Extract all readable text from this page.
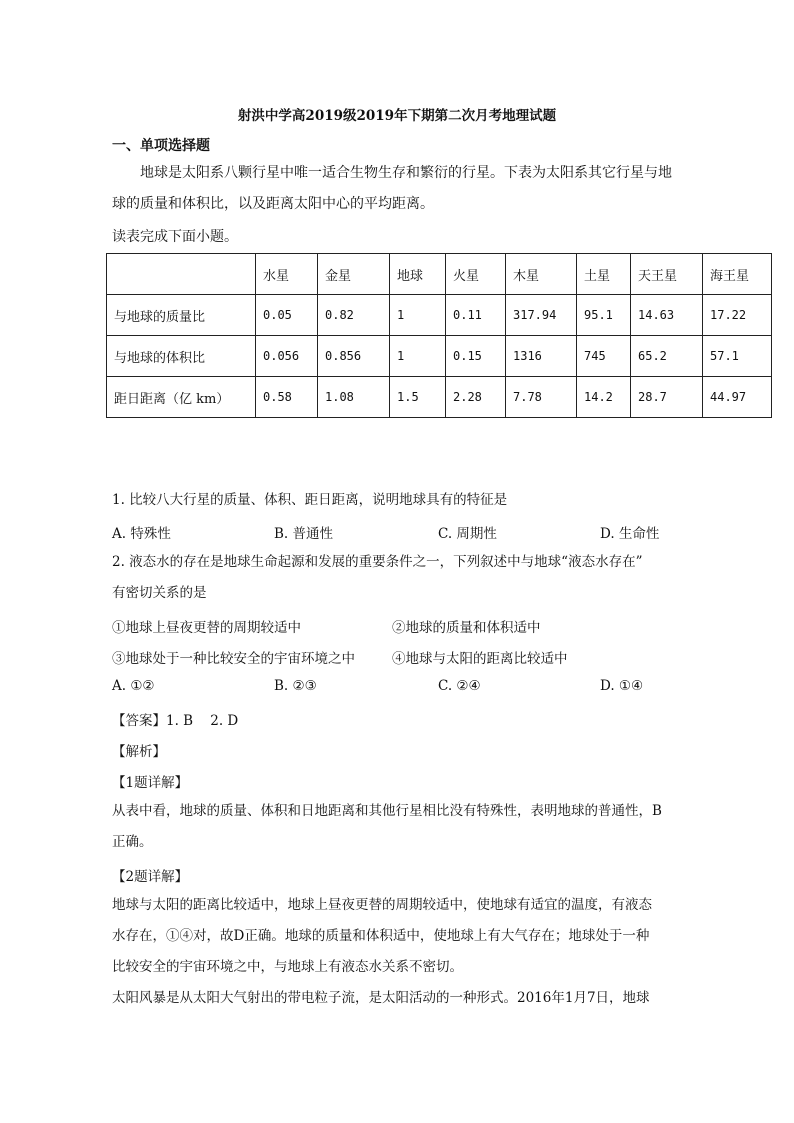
射洪中学高2019级2019年下期第二次月考地理试题
一、单项选择题
地球是太阳系八颗行星中唯一适合生物生存和繁衍的行星。下表为太阳系其它行星与地
球的质量和体积比，以及距离太阳中心的平均距离。
读表完成下面小题。
	水星	金星	地球	火星	木星	土星	天王星	海王星
与地球的质量比	0.05	0.82	1	0.11	317.94	95.1	14.63	17.22
与地球的体积比	0.056	0.856	1	0.15	1316	745	65.2	57.1
距日距离（亿 km）	0.58	1.08	1.5	2.28	7.78	14.2	28.7	44.97
1. 比较八大行星的质量、体积、距日距离，说明地球具有的特征是
A. 特殊性	B. 普通性	C. 周期性	D. 生命性
2. 液态水的存在是地球生命起源和发展的重要条件之一，下列叙述中与地球“液态水存在”
有密切关系的是
①地球上昼夜更替的周期较适中	②地球的质量和体积适中
③地球处于一种比较安全的宇宙环境之中	④地球与太阳的距离比较适中
A. ①②	B. ②③	C. ②④	D. ①④
【答案】1. B    2. D
【解析】
【1题详解】
从表中看，地球的质量、体积和日地距离和其他行星相比没有特殊性，表明地球的普通性，B
正确。
【2题详解】
地球与太阳的距离比较适中，地球上昼夜更替的周期较适中，使地球有适宜的温度，有液态
水存在，①④对，故D正确。地球的质量和体积适中，使地球上有大气存在；地球处于一种
比较安全的宇宙环境之中，与地球上有液态水关系不密切。
太阳风暴是从太阳大气射出的带电粒子流，是太阳活动的一种形式。2016年1月7日，地球
